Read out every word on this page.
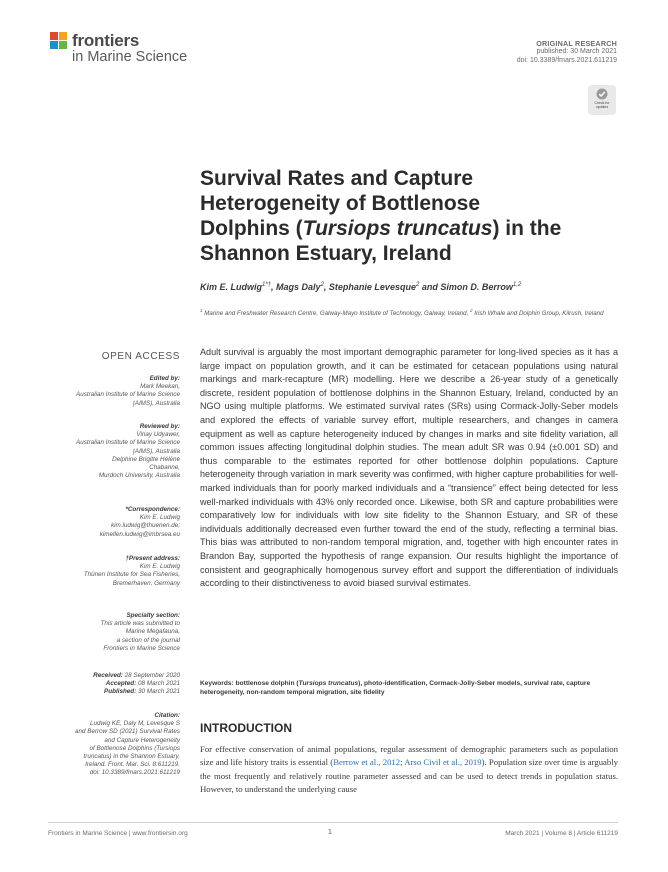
frontiers
in Marine Science
ORIGINAL RESEARCH
published: 30 March 2021
doi: 10.3389/fmars.2021.611219
Check for
updates
Survival Rates and Capture
Heterogeneity of Bottlenose
Dolphins (Tursiops truncatus) in the
Shannon Estuary, Ireland
Kim E. Ludwig$^{1*\dagger}$, Mags Daly$^2$, Stephanie Levesque$^2$ and Simon D. Berrow$^{1,2}$
$^1$ Marine and Freshwater Research Centre, Galway-Mayo Institute of Technology, Galway, Ireland, $^2$ Irish Whale and Dolphin Group, Kilrush, Ireland
OPEN ACCESS
Edited by:
Mark Meekan,
Australian Institute of Marine Science
(AIMS), Australia
Reviewed by:
Vinay Udyawer,
Australian Institute of Marine Science
(AIMS), Australia
Delphine Brigitte Hélène
Chabanne,
Murdoch University, Australia
*Correspondence:
Kim E. Ludwig
kim.ludwig@thuenen.de;
kimellen.ludwig@imbrsea.eu
†Present address:
Kim E. Ludwig
Thünen Institute for Sea Fisheries,
Bremerhaven, Germany
Specialty section:
This article was submitted to
Marine Megafauna,
a section of the journal
Frontiers in Marine Science
Received: 28 September 2020
Accepted: 08 March 2021
Published: 30 March 2021
Citation:
Ludwig KE, Daly M, Levesque S
and Berrow SD (2021) Survival Rates
and Capture Heterogeneity
of Bottlenose Dolphins (Tursiops
truncatus) in the Shannon Estuary,
Ireland. Front. Mar. Sci. 8:611219.
doi: 10.3389/fmars.2021.611219

Adult survival is arguably the most important demographic parameter for long-lived species as it has a large impact on population growth, and it can be estimated for cetacean populations using natural markings and mark-recapture (MR) modelling. Here we describe a 26-year study of a genetically discrete, resident population of bottlenose dolphins in the Shannon Estuary, Ireland, conducted by an NGO using multiple platforms. We estimated survival rates (SRs) using Cormack-Jolly-Seber models and explored the effects of variable survey effort, multiple researchers, and changes in camera equipment as well as capture heterogeneity induced by changes in marks and site fidelity variation, all common issues affecting longitudinal dolphin studies. The mean adult SR was 0.94 (±0.001 SD) and thus comparable to the estimates reported for other bottlenose dolphin populations. Capture heterogeneity through variation in mark severity was confirmed, with higher capture probabilities for well-marked individuals than for poorly marked individuals and a “transience” effect being detected for less well-marked individuals with 43% only recorded once. Likewise, both SR and capture probabilities were comparatively low for individuals with low site fidelity to the Shannon Estuary, and SR of these individuals additionally decreased even further toward the end of the study, reflecting a terminal bias. This bias was attributed to non-random temporal migration, and, together with high encounter rates in Brandon Bay, supported the hypothesis of range expansion. Our results highlight the importance of consistent and geographically homogenous survey effort and support the differentiation of individuals according to their distinctiveness to avoid biased survival estimates.

Keywords: bottlenose dolphin (Tursiops truncatus), photo-identification, Cormack-Jolly-Seber models, survival rate, capture heterogeneity, non-random temporal migration, site fidelity
INTRODUCTION

For effective conservation of animal populations, regular assessment of demographic parameters such as population size and life history traits is essential (Berrow et al., 2012; Arso Civil et al., 2019). Population size over time is arguably the most frequently and relatively routine parameter assessed and can be used to detect trends in population status. However, to understand the underlying cause

Frontiers in Marine Science | www.frontiersin.org	1	March 2021 | Volume 8 | Article 611219
